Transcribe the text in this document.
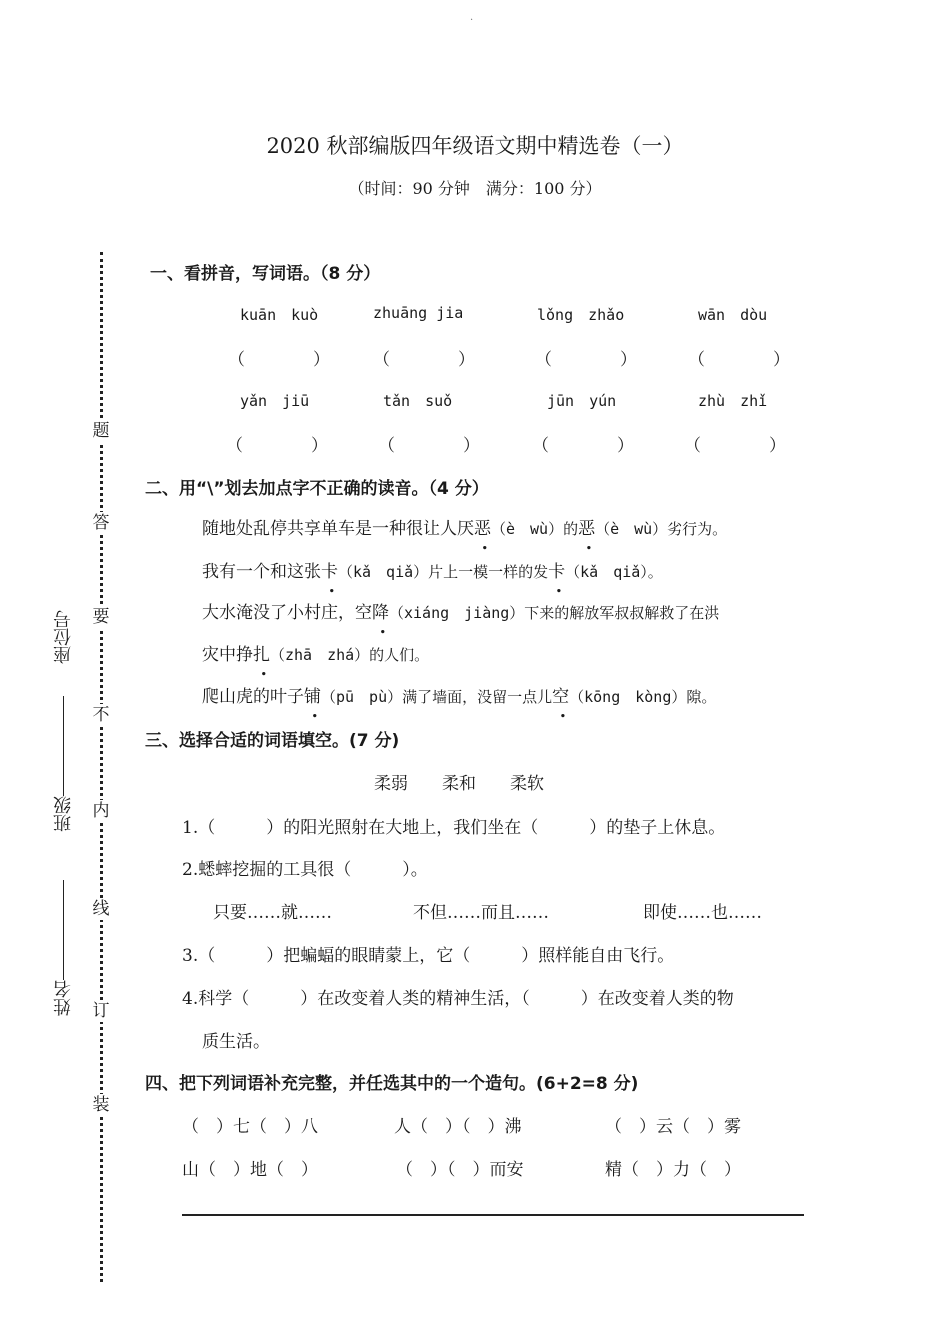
.
2020 秋部编版四年级语文期中精选卷（一）
（时间：90 分钟　满分：100 分）
题
答
要
不
内
线
订
装
座位号
班级
姓名
一、看拼音，写词语。（8 分）
kuān　kuò	zhuāng jia	lǒng　zhǎo	wān　dòu
（　　　　）	（　　　　）	（　　　　）	（　　　　）
yǎn　jiū	tǎn　suǒ	jūn　yún	zhù　zhǐ
（　　　　）	（　　　　）	（　　　　）	（　　　　）
二、用“\”划去加点字不正确的读音。（4 分）
随地处乱停共享单车是一种很让人厌恶（è　wù）的恶（è　wù）劣行为。
我有一个和这张卡（kǎ　qiǎ）片上一模一样的发卡（kǎ　qiǎ）。
大水淹没了小村庄，空降（xiáng　jiàng）下来的解放军叔叔解救了在洪
灾中挣扎（zhā　zhá）的人们。
爬山虎的叶子铺（pū　pù）满了墙面，没留一点儿空（kōng　kòng）隙。
三、选择合适的词语填空。(7 分)
柔弱　　柔和　　柔软
1.（　　　）的阳光照射在大地上，我们坐在（　　　）的垫子上休息。
2.蟋蟀挖掘的工具很（　　　）。
只要……就……	不但……而且……	即使……也……
3.（　　　）把蝙蝠的眼睛蒙上，它（　　　）照样能自由飞行。
4.科学（　　　）在改变着人类的精神生活，（　　　）在改变着人类的物
质生活。
四、把下列词语补充完整，并任选其中的一个造句。(6+2=8 分)
（　）七（　）八	人（　）（　）沸	（　）云（　）雾
山（　）地（　）	（　）（　）而安	精（　）力（　）
